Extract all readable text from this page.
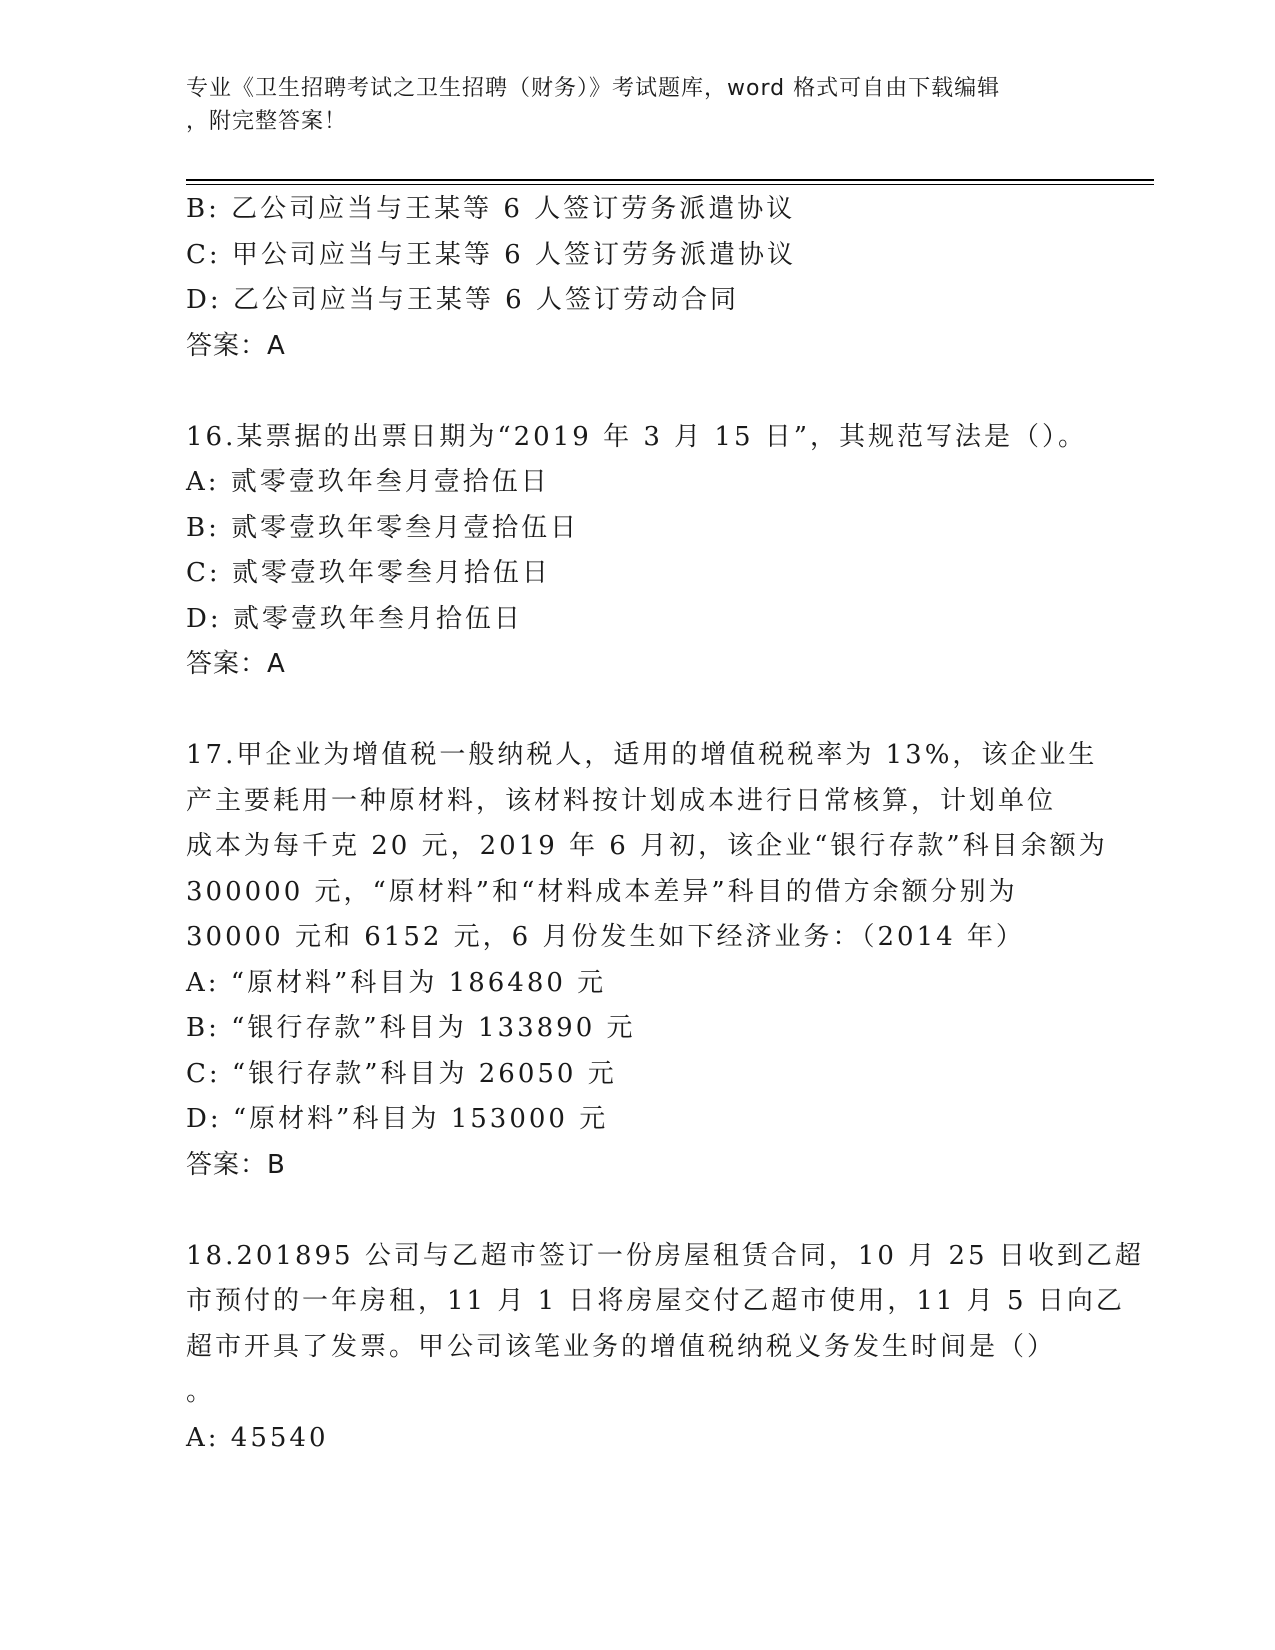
专业《卫生招聘考试之卫生招聘（财务）》考试题库，word 格式可自由下载编辑
，附完整答案！
B: 乙公司应当与王某等 6 人签订劳务派遣协议
C: 甲公司应当与王某等 6 人签订劳务派遣协议
D: 乙公司应当与王某等 6 人签订劳动合同
答案：A
16.某票据的出票日期为“2019 年 3 月 15 日”，其规范写法是（）。
A: 贰零壹玖年叁月壹拾伍日
B: 贰零壹玖年零叁月壹拾伍日
C: 贰零壹玖年零叁月拾伍日
D: 贰零壹玖年叁月拾伍日
答案：A
17.甲企业为增值税一般纳税人，适用的增值税税率为 13%，该企业生
产主要耗用一种原材料，该材料按计划成本进行日常核算，计划单位
成本为每千克 20 元，2019 年 6 月初，该企业“银行存款”科目余额为
300000 元，“原材料”和“材料成本差异”科目的借方余额分别为
30000 元和 6152 元，6 月份发生如下经济业务：（2014 年）
A: “原材料”科目为 186480 元
B: “银行存款”科目为 133890 元
C: “银行存款”科目为 26050 元
D: “原材料”科目为 153000 元
答案：B
18.201895 公司与乙超市签订一份房屋租赁合同，10 月 25 日收到乙超
市预付的一年房租，11 月 1 日将房屋交付乙超市使用，11 月 5 日向乙
超市开具了发票。甲公司该笔业务的增值税纳税义务发生时间是（）
。
A: 45540
